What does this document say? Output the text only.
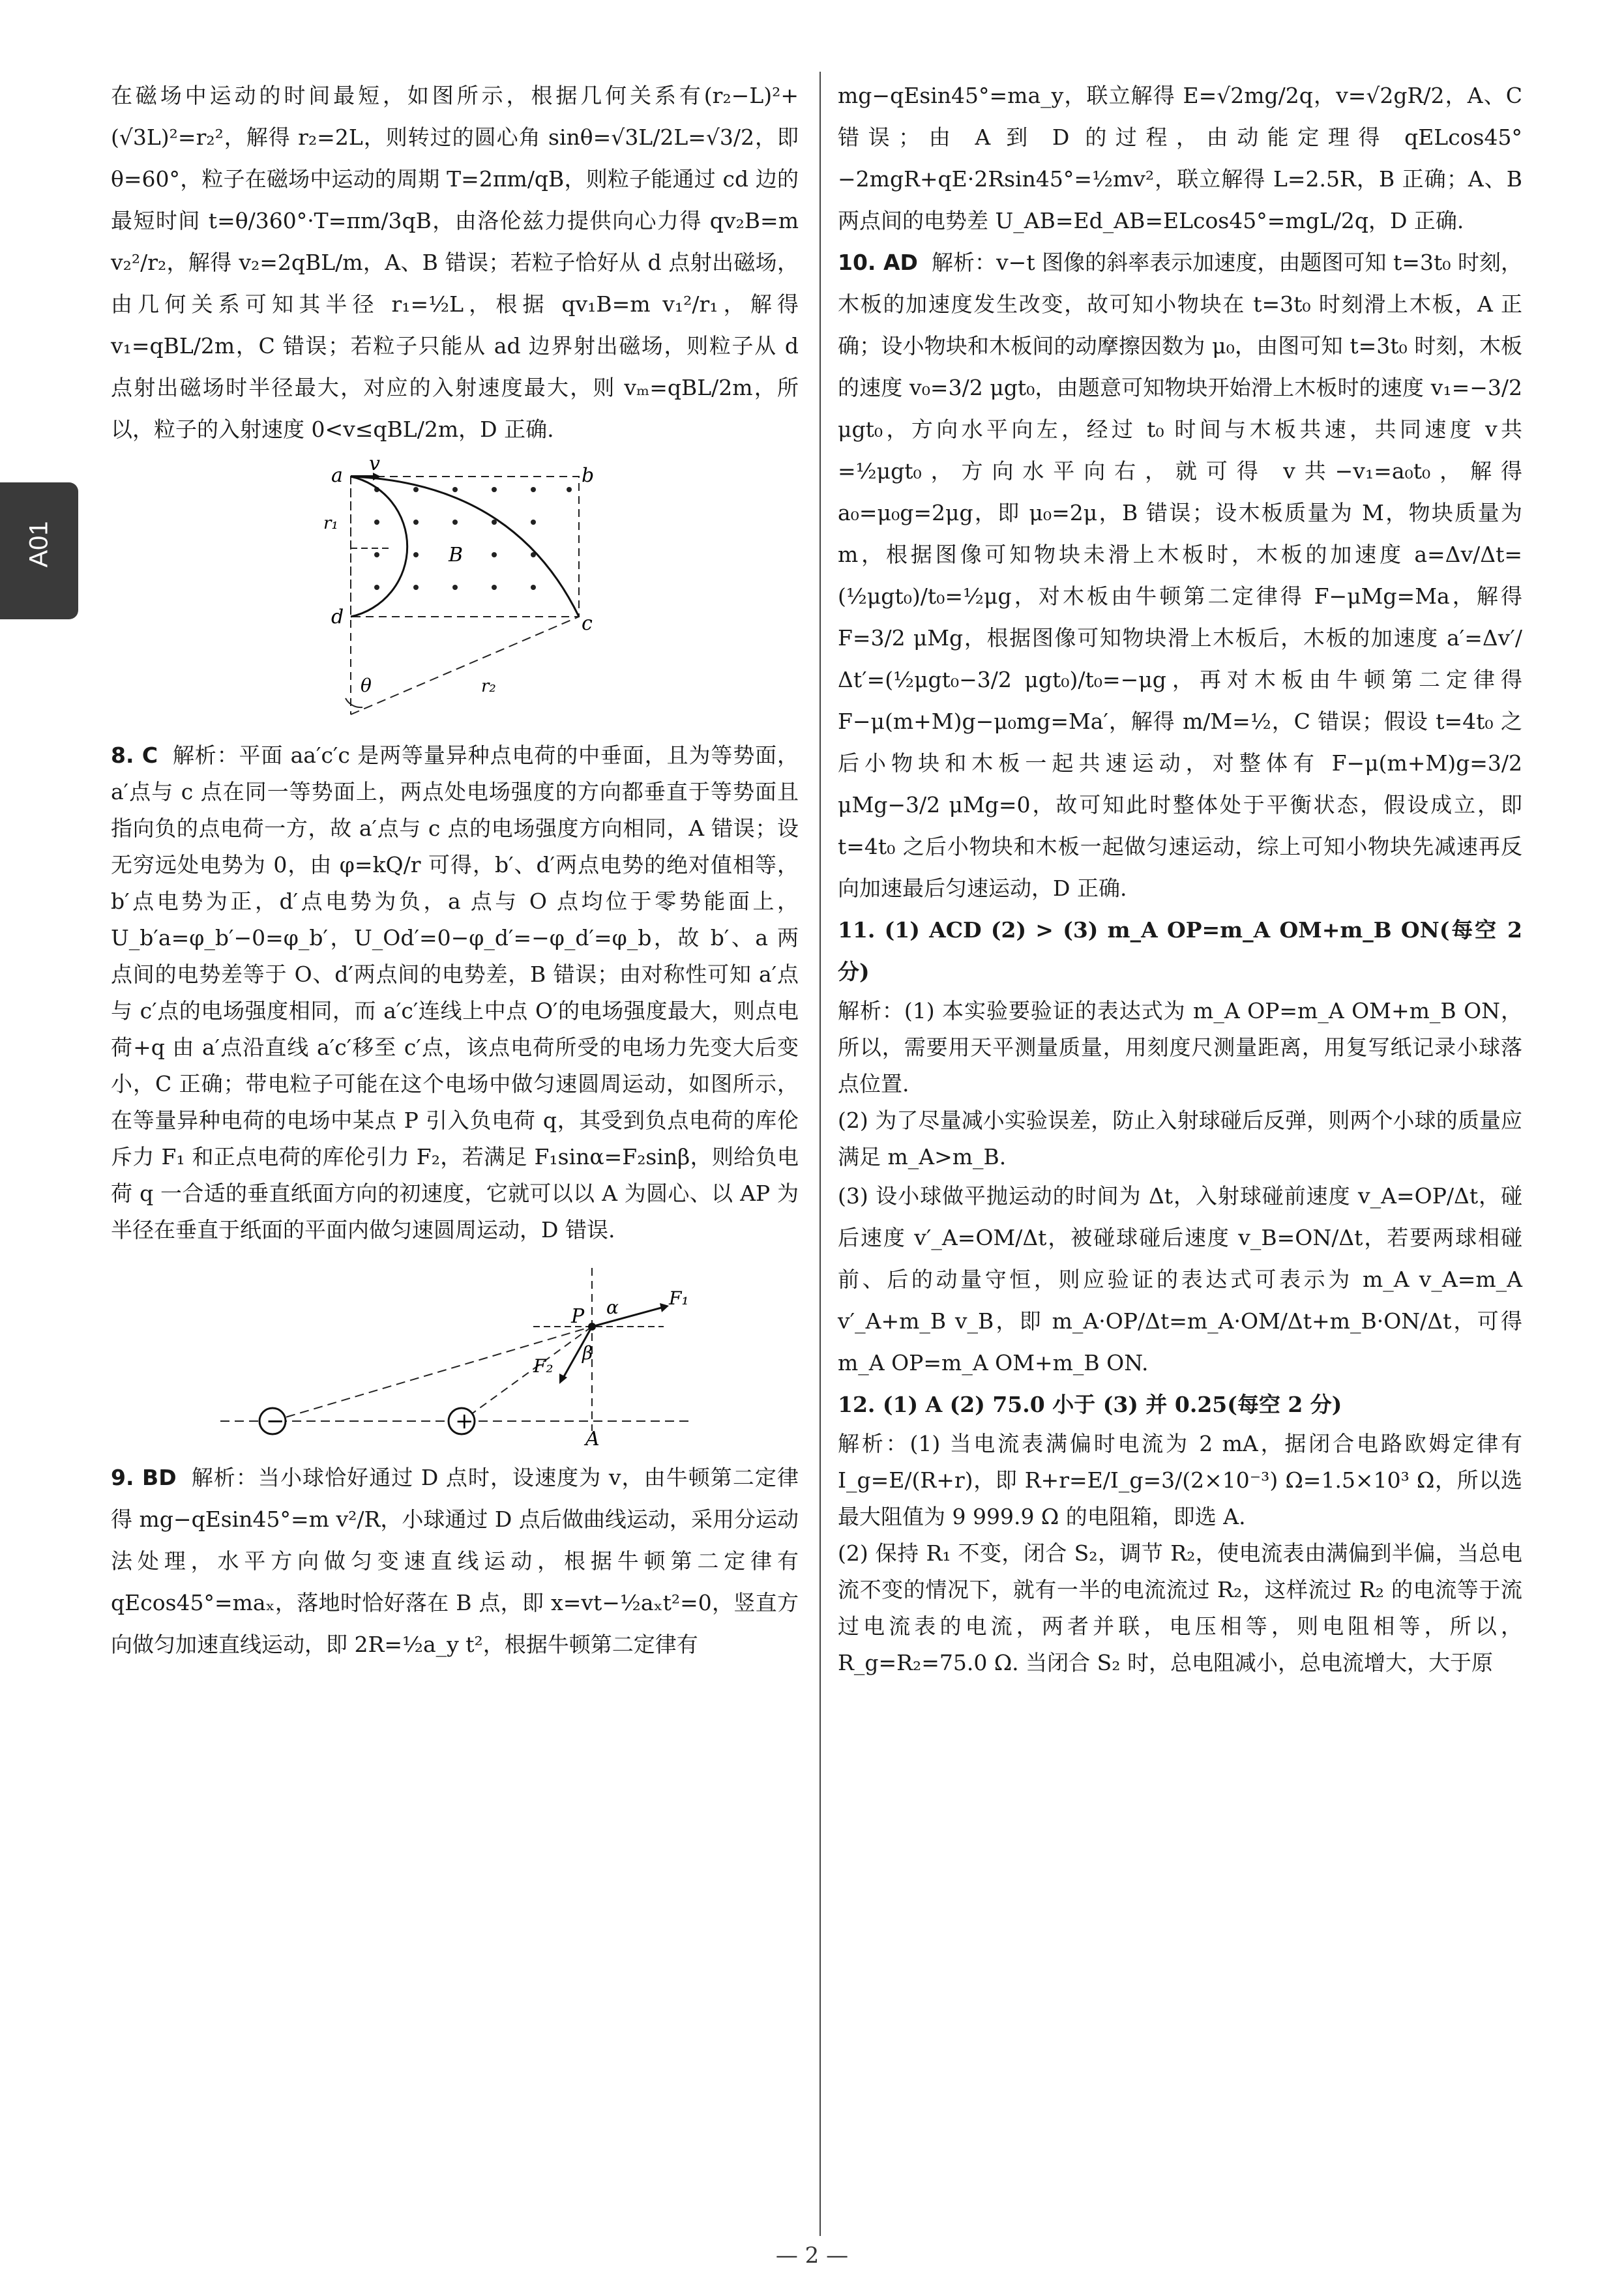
A01

在磁场中运动的时间最短，如图所示，根据几何关系有(r₂−L)²+(√3L)²=r₂²，解得 r₂=2L，则转过的圆心角 sinθ=√3L/2L=√3/2，即 θ=60°，粒子在磁场中运动的周期 T=2πm/qB，则粒子能通过 cd 边的最短时间 t=θ/360°·T=πm/3qB，由洛伦兹力提供向心力得 qv₂B=m v₂²/r₂，解得 v₂=2qBL/m，A、B 错误；若粒子恰好从 d 点射出磁场，由几何关系可知其半径 r₁=½L，根据 qv₁B=m v₁²/r₁，解得 v₁=qBL/2m，C 错误；若粒子只能从 ad 边界射出磁场，则粒子从 d 点射出磁场时半径最大，对应的入射速度最大，则 vₘ=qBL/2m，所以，粒子的入射速度 0<v≤qBL/2m，D 正确.

a
v
b
d	c
B
r₁
r₂
θ

8. C 解析：平面 aa′c′c 是两等量异种点电荷的中垂面，且为等势面，a′点与 c 点在同一等势面上，两点处电场强度的方向都垂直于等势面且指向负的点电荷一方，故 a′点与 c 点的电场强度方向相同，A 错误；设无穷远处电势为 0，由 φ=kQ/r 可得，b′、d′两点电势的绝对值相等，b′点电势为正，d′点电势为负，a 点与 O 点均位于零势能面上，U_b′a=φ_b′−0=φ_b′，U_Od′=0−φ_d′=−φ_d′=φ_b，故 b′、a 两点间的电势差等于 O、d′两点间的电势差，B 错误；由对称性可知 a′点与 c′点的电场强度相同，而 a′c′连线上中点 O′的电场强度最大，则点电荷+q 由 a′点沿直线 a′c′移至 c′点，该点电荷所受的电场力先变大后变小，C 正确；带电粒子可能在这个电场中做匀速圆周运动，如图所示，在等量异种电荷的电场中某点 P 引入负电荷 q，其受到负点电荷的库伦斥力 F₁ 和正点电荷的库伦引力 F₂，若满足 F₁sinα=F₂sinβ，则给负电荷 q 一合适的垂直纸面方向的初速度，它就可以以 A 为圆心、以 AP 为半径在垂直于纸面的平面内做匀速圆周运动，D 错误.

−	+
P α	F₁
β
F₂
A

9. BD 解析：当小球恰好通过 D 点时，设速度为 v，由牛顿第二定律得 mg−qEsin45°=m v²/R，小球通过 D 点后做曲线运动，采用分运动法处理，水平方向做匀变速直线运动，根据牛顿第二定律有 qEcos45°=maₓ，落地时恰好落在 B 点，即 x=vt−½aₓt²=0，竖直方向做匀加速直线运动，即 2R=½a_y t²，根据牛顿第二定律有

mg−qEsin45°=ma_y，联立解得 E=√2mg/2q，v=√2gR/2，A、C 错误；由 A 到 D 的过程，由动能定理得 qELcos45°−2mgR+qE·2Rsin45°=½mv²，联立解得 L=2.5R，B 正确；A、B 两点间的电势差 U_AB=Ed_AB=ELcos45°=mgL/2q，D 正确.

10. AD 解析：v−t 图像的斜率表示加速度，由题图可知 t=3t₀ 时刻，木板的加速度发生改变，故可知小物块在 t=3t₀ 时刻滑上木板，A 正确；设小物块和木板间的动摩擦因数为 μ₀，由图可知 t=3t₀ 时刻，木板的速度 v₀=3/2 μgt₀，由题意可知物块开始滑上木板时的速度 v₁=−3/2 μgt₀，方向水平向左，经过 t₀ 时间与木板共速，共同速度 v共=½μgt₀，方向水平向右，就可得 v共−v₁=a₀t₀，解得 a₀=μ₀g=2μg，即 μ₀=2μ，B 错误；设木板质量为 M，物块质量为 m，根据图像可知物块未滑上木板时，木板的加速度 a=Δv/Δt=(½μgt₀)/t₀=½μg，对木板由牛顿第二定律得 F−μMg=Ma，解得 F=3/2 μMg，根据图像可知物块滑上木板后，木板的加速度 a′=Δv′/Δt′=(½μgt₀−3/2 μgt₀)/t₀=−μg，再对木板由牛顿第二定律得 F−μ(m+M)g−μ₀mg=Ma′，解得 m/M=½，C 错误；假设 t=4t₀ 之后小物块和木板一起共速运动，对整体有 F−μ(m+M)g=3/2 μMg−3/2 μMg=0，故可知此时整体处于平衡状态，假设成立，即 t=4t₀ 之后小物块和木板一起做匀速运动，综上可知小物块先减速再反向加速最后匀速运动，D 正确.

11. (1) ACD (2) > (3) m_A OP=m_A OM+m_B ON(每空 2 分)

解析：(1) 本实验要验证的表达式为 m_A OP=m_A OM+m_B ON，所以，需要用天平测量质量，用刻度尺测量距离，用复写纸记录小球落点位置.

(2) 为了尽量减小实验误差，防止入射球碰后反弹，则两个小球的质量应满足 m_A>m_B.

(3) 设小球做平抛运动的时间为 Δt，入射球碰前速度 v_A=OP/Δt，碰后速度 v′_A=OM/Δt，被碰球碰后速度 v_B=ON/Δt，若要两球相碰前、后的动量守恒，则应验证的表达式可表示为 m_A v_A=m_A v′_A+m_B v_B，即 m_A·OP/Δt=m_A·OM/Δt+m_B·ON/Δt，可得 m_A OP=m_A OM+m_B ON.

12. (1) A (2) 75.0 小于 (3) 并 0.25(每空 2 分)

解析：(1) 当电流表满偏时电流为 2 mA，据闭合电路欧姆定律有 I_g=E/(R+r)，即 R+r=E/I_g=3/(2×10⁻³) Ω=1.5×10³ Ω，所以选最大阻值为 9 999.9 Ω 的电阻箱，即选 A.

(2) 保持 R₁ 不变，闭合 S₂，调节 R₂，使电流表由满偏到半偏，当总电流不变的情况下，就有一半的电流流过 R₂，这样流过 R₂ 的电流等于流过电流表的电流，两者并联，电压相等，则电阻相等，所以，R_g=R₂=75.0 Ω. 当闭合 S₂ 时，总电阻减小，总电流增大，大于原

— 2 —
